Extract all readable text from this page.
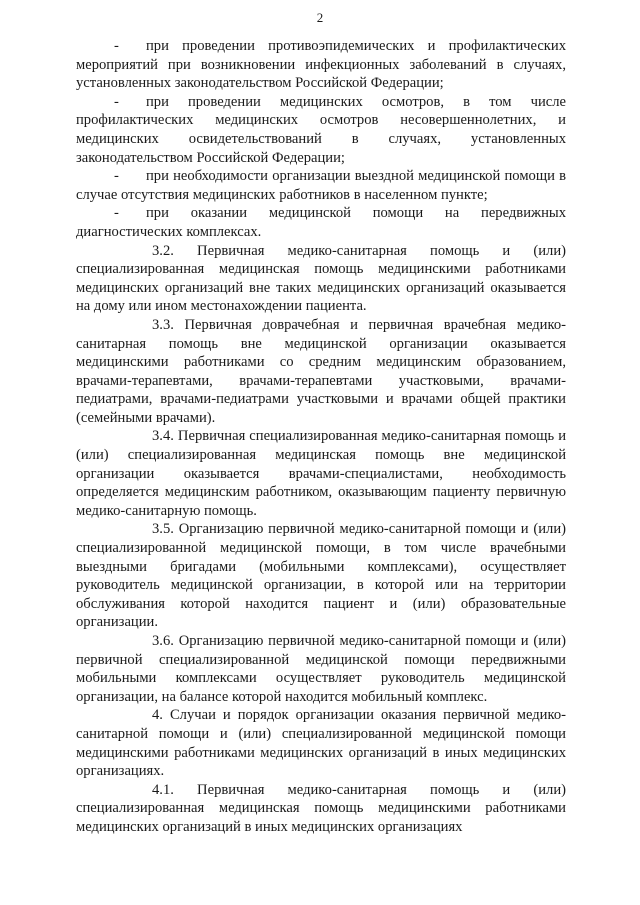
2

- при проведении противоэпидемических и профилактических мероприятий при возникновении инфекционных заболеваний в случаях, установленных законодательством Российской Федерации;

- при проведении медицинских осмотров, в том числе профилактических медицинских осмотров несовершеннолетних, и медицинских освидетельствований в случаях, установленных законодательством Российской Федерации;

- при необходимости организации выездной медицинской помощи в случае отсутствия медицинских работников в населенном пункте;

- при оказании медицинской помощи на передвижных диагностических комплексах.

3.2. Первичная медико-санитарная помощь и (или) специализированная медицинская помощь медицинскими работниками медицинских организаций вне таких медицинских организаций оказывается на дому или ином местонахождении пациента.

3.3. Первичная доврачебная и первичная врачебная медико-санитарная помощь вне медицинской организации оказывается медицинскими работниками со средним медицинским образованием, врачами-терапевтами, врачами-терапевтами участковыми, врачами-педиатрами, врачами-педиатрами участковыми и врачами общей практики (семейными врачами).

3.4. Первичная специализированная медико-санитарная помощь и (или) специализированная медицинская помощь вне медицинской организации оказывается врачами-специалистами, необходимость определяется медицинским работником, оказывающим пациенту первичную медико-санитарную помощь.

3.5. Организацию первичной медико-санитарной помощи и (или) специализированной медицинской помощи, в том числе врачебными выездными бригадами (мобильными комплексами), осуществляет руководитель медицинской организации, в которой или на территории обслуживания которой находится пациент и (или) образовательные организации.

3.6. Организацию первичной медико-санитарной помощи и (или) первичной специализированной медицинской помощи передвижными мобильными комплексами осуществляет руководитель медицинской организации, на балансе которой находится мобильный комплекс.

4. Случаи и порядок организации оказания первичной медико-санитарной помощи и (или) специализированной медицинской помощи медицинскими работниками медицинских организаций в иных медицинских организациях.

4.1. Первичная медико-санитарная помощь и (или) специализированная медицинская помощь медицинскими работниками медицинских организаций в иных медицинских организациях
